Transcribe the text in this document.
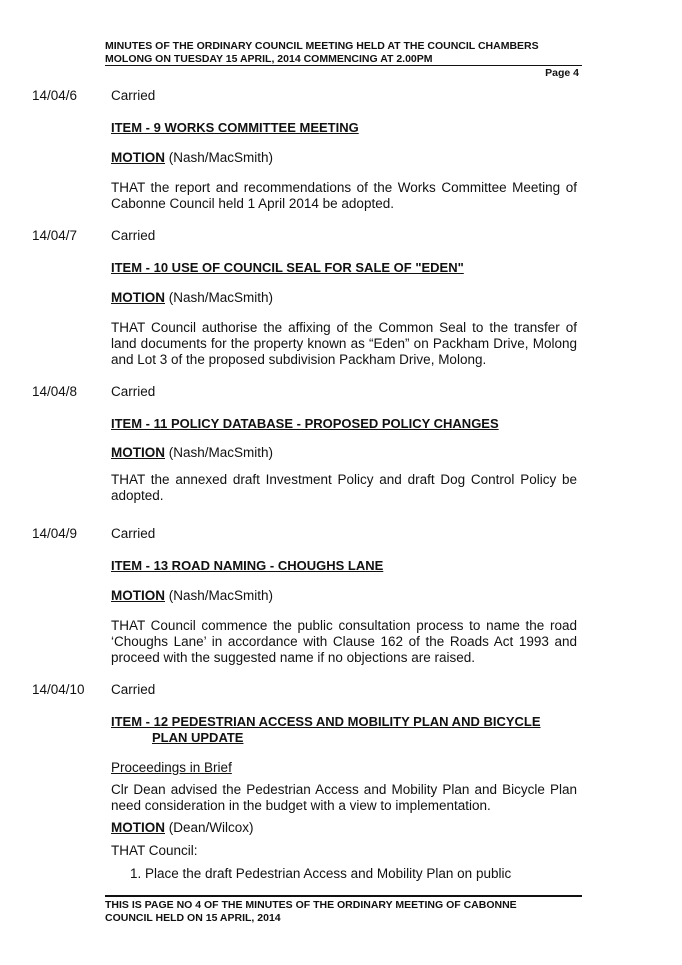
MINUTES OF THE ORDINARY COUNCIL MEETING HELD AT THE COUNCIL CHAMBERS
MOLONG ON TUESDAY 15 APRIL, 2014 COMMENCING AT 2.00PM
Page 4
14/04/6	Carried
ITEM - 9 WORKS COMMITTEE MEETING
MOTION (Nash/MacSmith)
THAT the report and recommendations of the Works Committee Meeting of Cabonne Council held 1 April 2014 be adopted.
14/04/7	Carried
ITEM - 10 USE OF COUNCIL SEAL FOR SALE OF "EDEN"
MOTION (Nash/MacSmith)
THAT Council authorise the affixing of the Common Seal to the transfer of land documents for the property known as “Eden” on Packham Drive, Molong and Lot 3 of the proposed subdivision Packham Drive, Molong.
14/04/8	Carried
ITEM - 11 POLICY DATABASE - PROPOSED POLICY CHANGES
MOTION (Nash/MacSmith)
THAT the annexed draft Investment Policy and draft Dog Control Policy be adopted.
14/04/9	Carried
ITEM - 13 ROAD NAMING - CHOUGHS LANE
MOTION (Nash/MacSmith)
THAT Council commence the public consultation process to name the road ‘Choughs Lane’ in accordance with Clause 162 of the Roads Act 1993 and proceed with the suggested name if no objections are raised.
14/04/10 Carried
ITEM - 12 PEDESTRIAN ACCESS AND MOBILITY PLAN AND BICYCLE
PLAN UPDATE
Proceedings in Brief
Clr Dean advised the Pedestrian Access and Mobility Plan and Bicycle Plan need consideration in the budget with a view to implementation.
MOTION (Dean/Wilcox)
THAT Council:
1. Place the draft Pedestrian Access and Mobility Plan on public
THIS IS PAGE NO 4 OF THE MINUTES OF THE ORDINARY MEETING OF CABONNE
COUNCIL HELD ON 15 APRIL, 2014
